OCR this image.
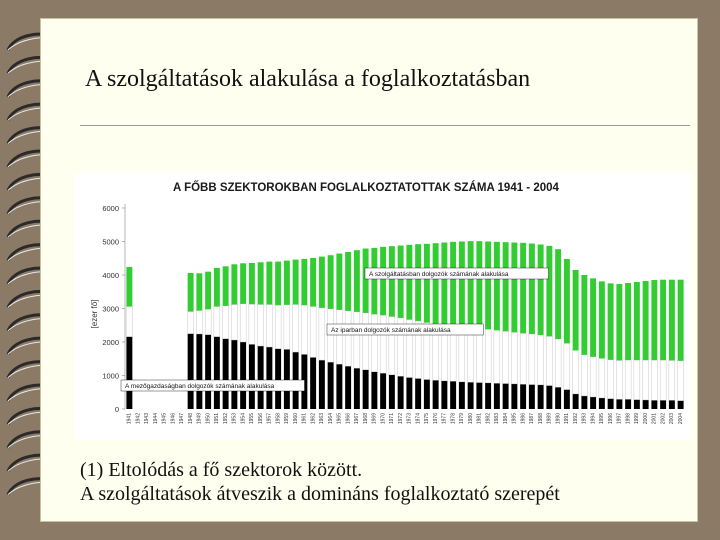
A szolgáltatások alakulása a foglalkoztatásban
A FŐBB SZEKTOROKBAN FOGLALKOZTATOTTAK SZÁMA 1941 - 2004
[ezer fő]
0
1000
2000
3000
4000
5000
6000
1941 1942 1943 1944 1945 1946 1947 1948 1949 1950 1951 1952 1953 1954 1955 1956 1957 1958 1959 1960 1961 1962 1963 1964 1965 1966 1967 1968 1969 1970 1971 1972 1973 1974 1975 1976 1977 1978 1979 1980 1981 1982 1983 1984 1985 1986 1987 1988 1989 1990 1991 1992 1993 1994 1995 1996 1997 1998 1999 2000 2001 2002 2003 2004
A szolgáltatásban dolgozók számának alakulása
Az iparban dolgozók számának alakulása
A mezőgazdaságban dolgozók számának alakulása
(1) Eltolódás a fő szektorok között.
A szolgáltatások átveszik a domináns foglalkoztató szerepét
